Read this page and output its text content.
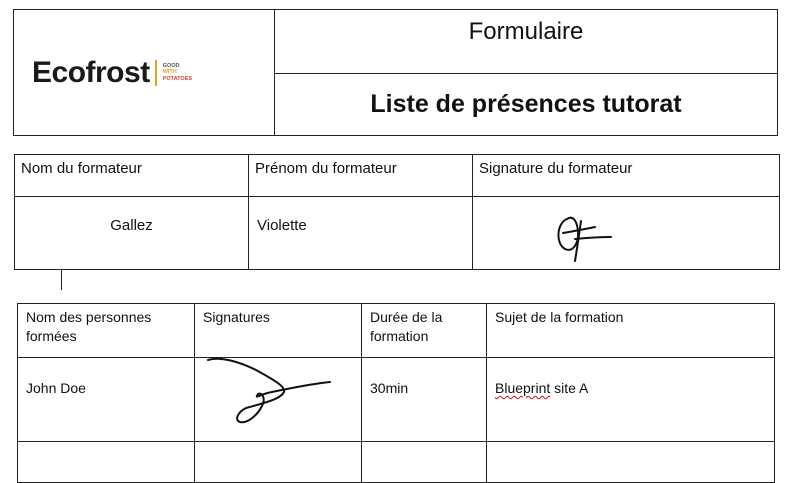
Ecofrost GOOD
WITH
POTATOES
	Formulaire
Liste de présences tutorat
Nom du formateur	Prénom du formateur	Signature du formateur
Gallez	Violette	
Nom des personnes formées	Signatures	Durée de la formation	Sujet de la formation
John Doe		30min	Blueprint site A
